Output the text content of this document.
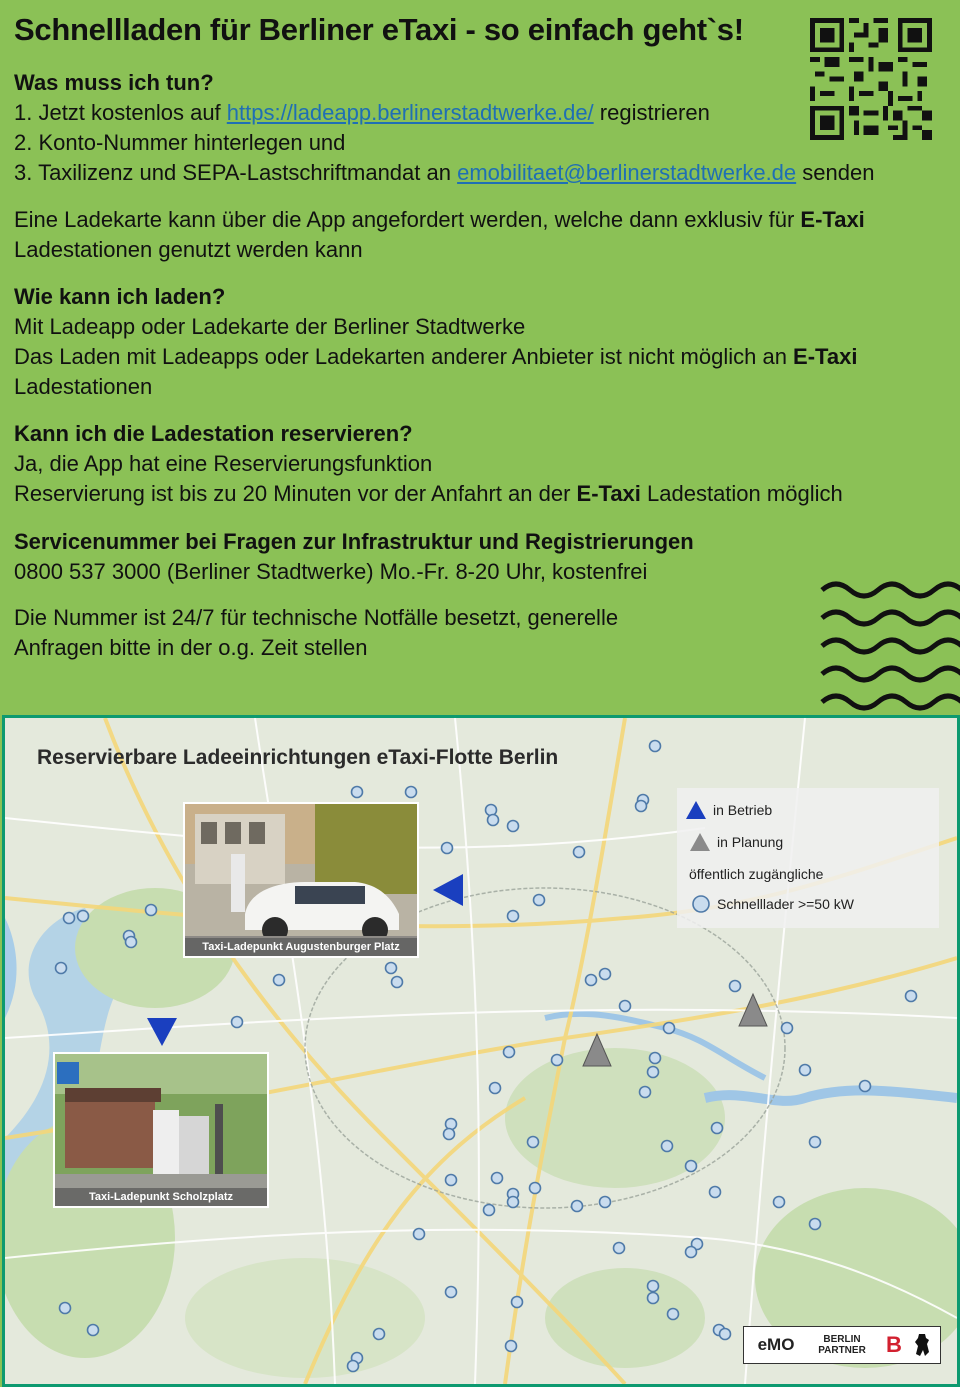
Schnellladen für Berliner eTaxi - so einfach geht`s!
Was muss ich tun?
1. Jetzt kostenlos auf https://ladeapp.berlinerstadtwerke.de/ registrieren
2. Konto-Nummer hinterlegen und
3. Taxilizenz und SEPA-Lastschriftmandat an emobilitaet@berlinerstadtwerke.de senden
Eine Ladekarte kann über die App angefordert werden, welche dann exklusiv für E-Taxi
Ladestationen genutzt werden kann
Wie kann ich laden?
Mit Ladeapp oder Ladekarte der Berliner Stadtwerke
Das Laden mit Ladeapps oder Ladekarten anderer Anbieter ist nicht möglich an E-Taxi
Ladestationen
Kann ich die Ladestation reservieren?
Ja, die App hat eine Reservierungsfunktion
Reservierung ist bis zu 20 Minuten vor der Anfahrt an der E-Taxi Ladestation möglich
Servicenummer bei Fragen zur Infrastruktur und Registrierungen
0800 537 3000 (Berliner Stadtwerke) Mo.-Fr. 8-20 Uhr, kostenfrei
Die Nummer ist 24/7 für technische Notfälle besetzt, generelle
Anfragen bitte in der o.g. Zeit stellen
Reservierbare Ladeeinrichtungen eTaxi-Flotte Berlin
Taxi-Ladepunkt Augustenburger Platz
Taxi-Ladepunkt Scholzplatz
in Betrieb
in Planung
öffentlich zugängliche
Schnelllader >=50 kW
eMO	BERLIN
PARTNER B
